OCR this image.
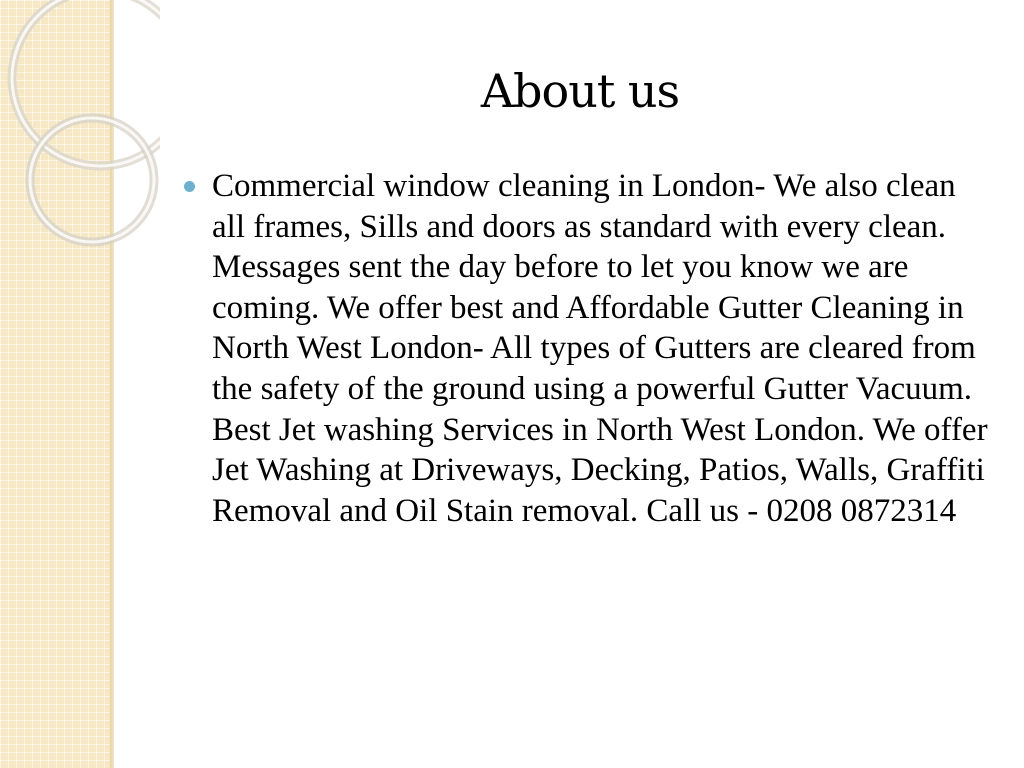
About us

Commercial window cleaning in London- We also clean all frames, Sills and doors as standard with every clean. Messages sent the day before to let you know we are coming. We offer best and Affordable Gutter Cleaning in North West London- All types of Gutters are cleared from the safety of the ground using a powerful Gutter Vacuum. Best Jet washing Services in North West London. We offer Jet Washing at Driveways, Decking, Patios, Walls, Graffiti Removal and Oil Stain removal. Call us - 0208 0872314
